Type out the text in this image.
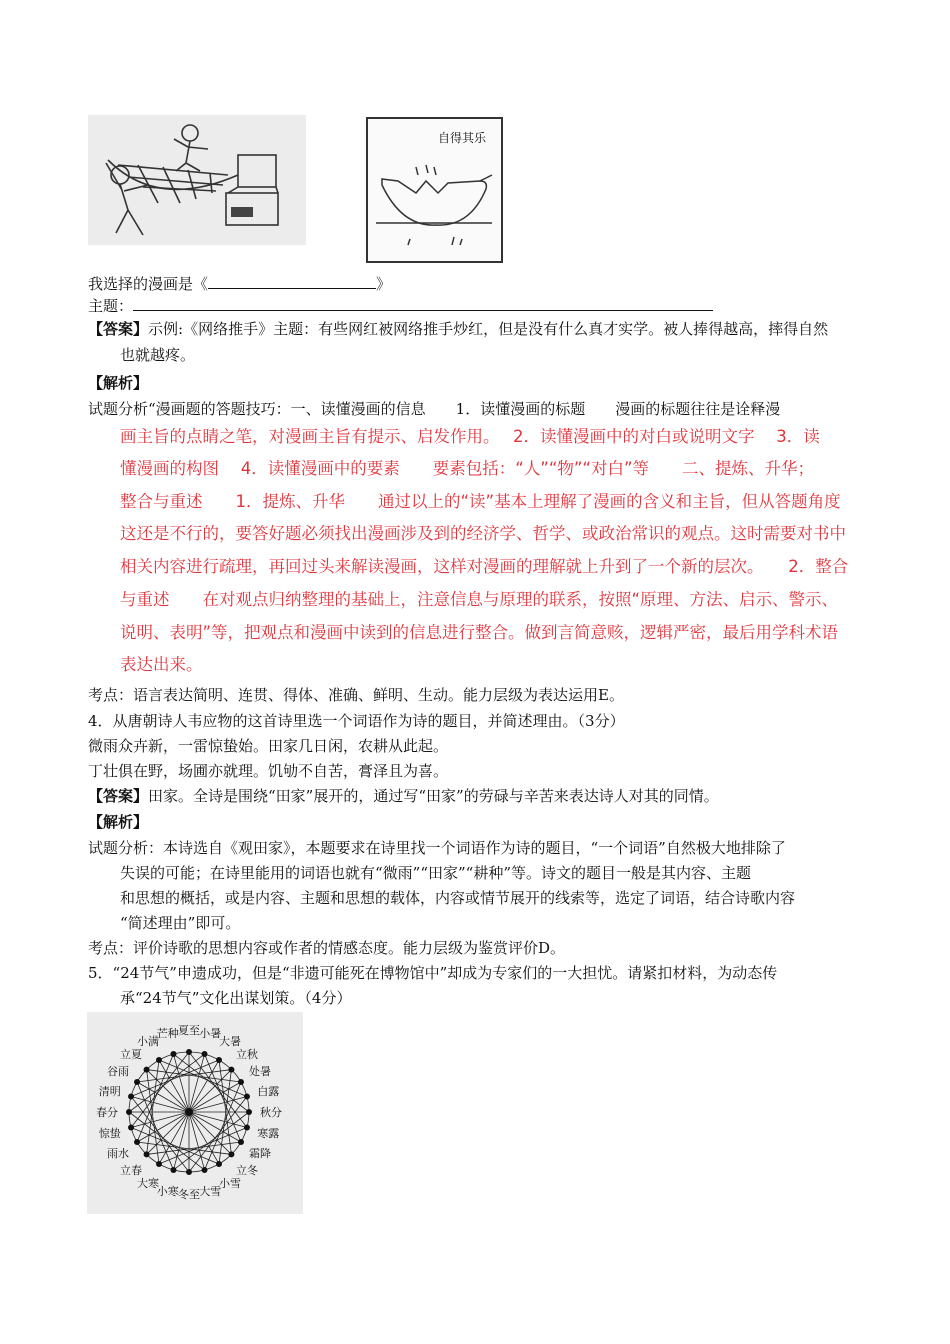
自得其乐
我选择的漫画是《	》
主题：
【答案】示例:《网络推手》主题：有些网红被网络推手炒红，但是没有什么真才实学。被人捧得越高，摔得自然
也就越疼。
【解析】
试题分析“漫画题的答题技巧：一、读懂漫画的信息　　1．读懂漫画的标题　　漫画的标题往往是诠释漫
画主旨的点睛之笔，对漫画主旨有提示、启发作用。　 2．读懂漫画中的对白或说明文字　 3．读
懂漫画的构图　 4．读懂漫画中的要素　　要素包括：“人”“物”“对白”等　　二、提炼、升华；
整合与重述　　1．提炼、升华　　通过以上的“读”基本上理解了漫画的含义和主旨，但从答题角度
这还是不行的，要答好题必须找出漫画涉及到的经济学、哲学、或政治常识的观点。这时需要对书中
相关内容进行疏理，再回过头来解读漫画，这样对漫画的理解就上升到了一个新的层次。　　2．整合
与重述　　在对观点归纳整理的基础上，注意信息与原理的联系，按照“原理、方法、启示、警示、
说明、表明”等，把观点和漫画中读到的信息进行整合。做到言简意赅，逻辑严密，最后用学科术语
表达出来。
考点：语言表达简明、连贯、得体、准确、鲜明、生动。能力层级为表达运用E。
4．从唐朝诗人韦应物的这首诗里选一个词语作为诗的题目，并简述理由。（3分）
微雨众卉新，一雷惊蛰始。田家几日闲，农耕从此起。
丁壮俱在野，场圃亦就理。饥劬不自苦，膏泽且为喜。
【答案】田家。全诗是围绕“田家”展开的，通过写“田家”的劳碌与辛苦来表达诗人对其的同情。
【解析】
试题分析：本诗选自《观田家》，本题要求在诗里找一个词语作为诗的题目，“一个词语”自然极大地排除了
失误的可能；在诗里能用的词语也就有“微雨”“田家”“耕种”等。诗文的题目一般是其内容、主题
和思想的概括，或是内容、主题和思想的载体，内容或情节展开的线索等，选定了词语，结合诗歌内容
“简述理由”即可。
考点：评价诗歌的思想内容或作者的情感态度。能力层级为鉴赏评价D。
5．“24节气”申遗成功，但是“非遗可能死在博物馆中”却成为专家们的一大担忧。请紧扣材料，为动态传
承“24节气”文化出谋划策。（4分）
夏至 小暑
大暑
立秋
处暑
白露
秋分
寒露
霜降
立冬
小雪
大雪
冬至
小寒
大寒
立春
雨水
惊蛰
春分
清明
谷雨
立夏
小满
芒种
